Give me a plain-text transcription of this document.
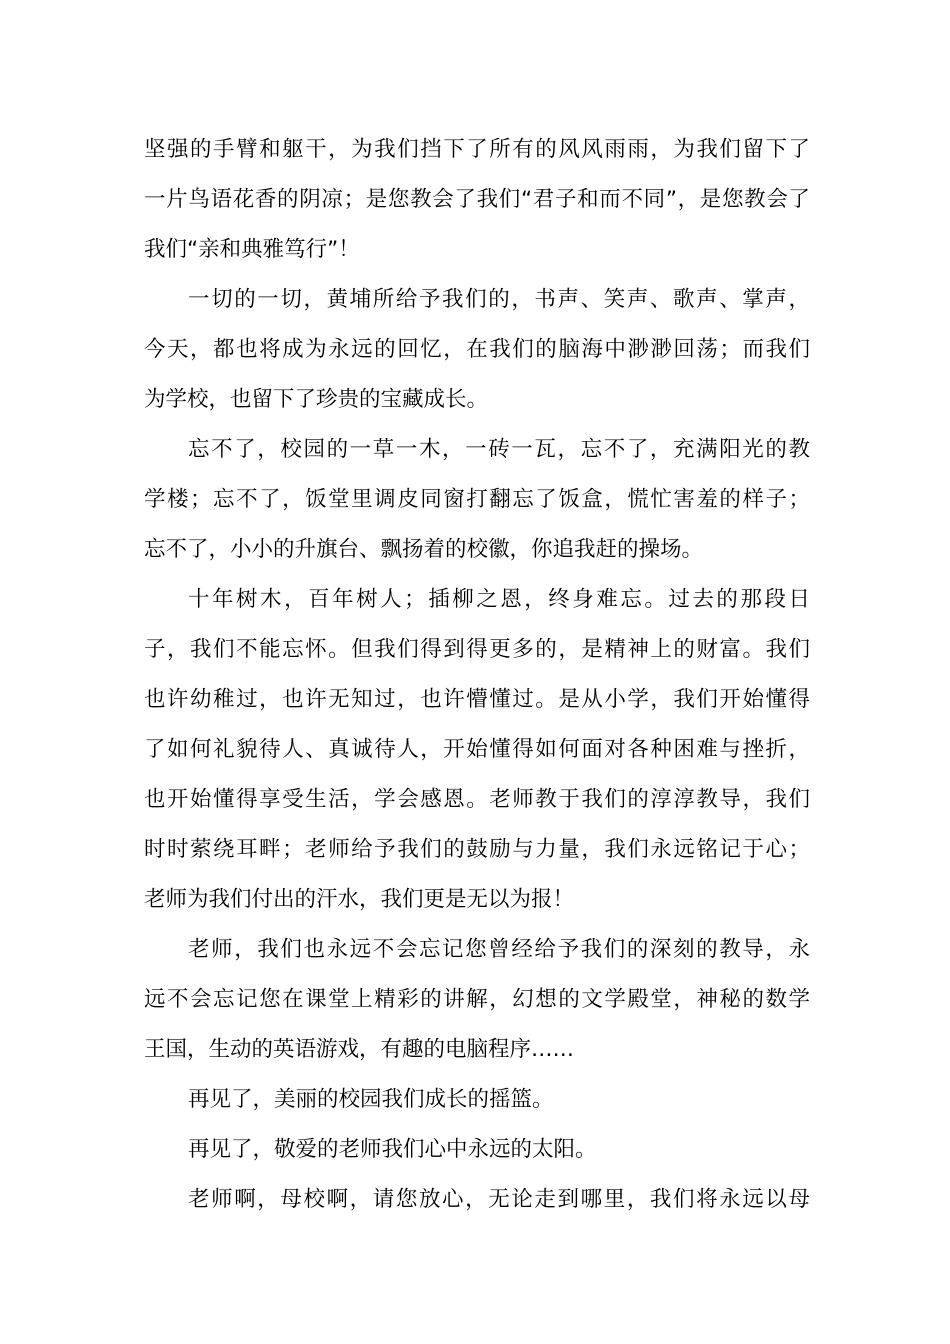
坚强的手臂和躯干，为我们挡下了所有的风风雨雨，为我们留下了
一片鸟语花香的阴凉；是您教会了我们“君子和而不同”，是您教会了
我们“亲和典雅笃行”！
一切的一切，黄埔所给予我们的，书声、笑声、歌声、掌声，
今天，都也将成为永远的回忆，在我们的脑海中渺渺回荡；而我们
为学校，也留下了珍贵的宝藏成长。
忘不了，校园的一草一木，一砖一瓦，忘不了，充满阳光的教
学楼；忘不了，饭堂里调皮同窗打翻忘了饭盒，慌忙害羞的样子；
忘不了，小小的升旗台、飘扬着的校徽，你追我赶的操场。
十年树木，百年树人；插柳之恩，终身难忘。过去的那段日
子，我们不能忘怀。但我们得到得更多的，是精神上的财富。我们
也许幼稚过，也许无知过，也许懵懂过。是从小学，我们开始懂得
了如何礼貌待人、真诚待人，开始懂得如何面对各种困难与挫折，
也开始懂得享受生活，学会感恩。老师教于我们的淳淳教导，我们
时时萦绕耳畔；老师给予我们的鼓励与力量，我们永远铭记于心；
老师为我们付出的汗水，我们更是无以为报！
老师，我们也永远不会忘记您曾经给予我们的深刻的教导，永
远不会忘记您在课堂上精彩的讲解，幻想的文学殿堂，神秘的数学
王国，生动的英语游戏，有趣的电脑程序……
再见了，美丽的校园我们成长的摇篮。
再见了，敬爱的老师我们心中永远的太阳。
老师啊，母校啊，请您放心，无论走到哪里，我们将永远以母
